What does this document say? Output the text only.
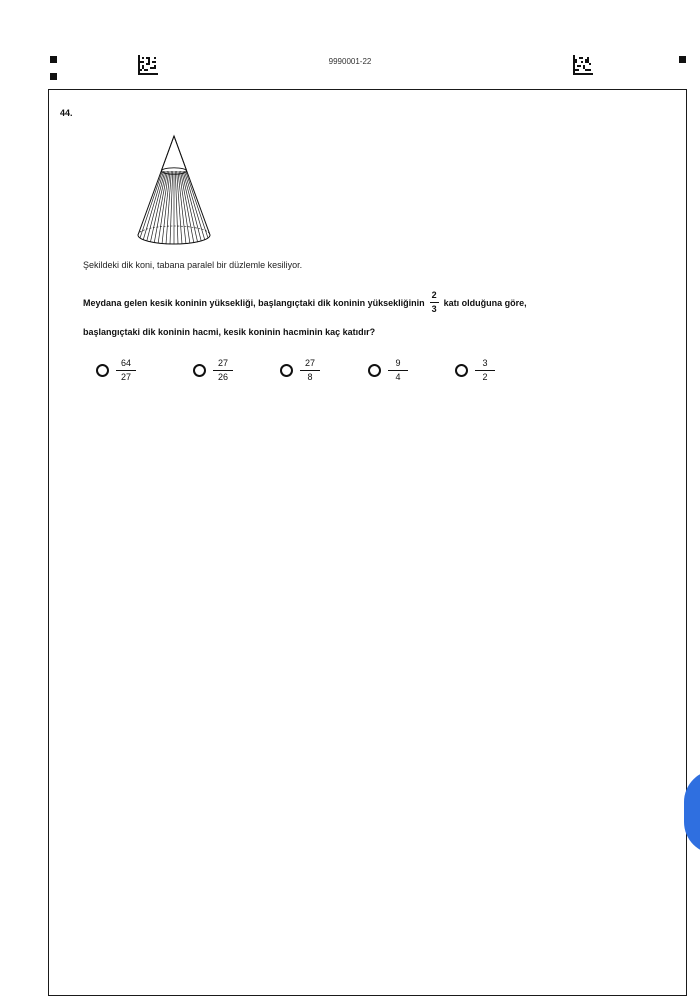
9990001-22
44.
Şekildeki dik koni, tabana paralel bir düzlemle kesiliyor.
Meydana gelen kesik koninin yüksekliği, başlangıçtaki dik koninin yüksekliğinin $\frac{2}{3}$ katı olduğuna göre,
başlangıçtaki dik koninin hacmi, kesik koninin hacminin kaç katıdır?
$\frac{64}{27}$	$\frac{27}{26}$	$\frac{27}{8}$	$\frac{9}{4}$	$\frac{3}{2}$
